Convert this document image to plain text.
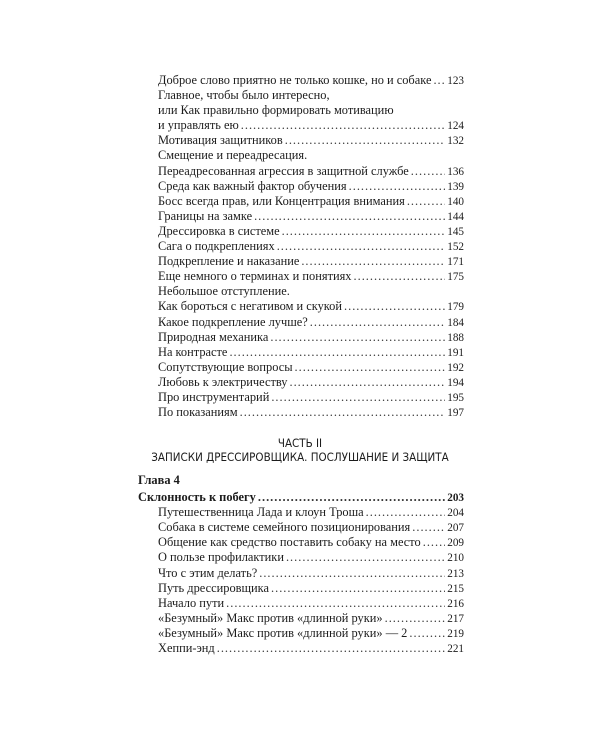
Доброе слово приятно не только кошке, но и собаке ..... 123
Главное, чтобы было интересно,
или Как правильно формировать мотивацию
и управлять ею .....	124
Мотивация защитников .....	132
Смещение и переадресация.
Переадресованная агрессия в защитной службе .....	136
Среда как важный фактор обучения .....	139
Босс всегда прав, или Концентрация внимания .....	140
Границы на замке .....	144
Дрессировка в системе .....	145
Сага о подкреплениях .....	152
Подкрепление и наказание .....	171
Еще немного о терминах и понятиях .....	175
Небольшое отступление.
Как бороться с негативом и скукой .....	179
Какое подкрепление лучше? .....	184
Природная механика .....	188
На контрасте .....	191
Сопутствующие вопросы .....	192
Любовь к электричеству .....	194
Про инструментарий .....	195
По показаниям .....	197
ЧАСТЬ II
ЗАПИСКИ ДРЕССИРОВЩИКА. ПОСЛУШАНИЕ И ЗАЩИТА
Глава 4
Склонность к побегу .....	203
Путешественница Лада и клоун Троша .....	204
Собака в системе семейного позиционирования .....	207
Общение как средство поставить собаку на место ..... 209
О пользе профилактики .....	210
Что с этим делать? .....	213
Путь дрессировщика .....	215
Начало пути .....	216
«Безумный» Макс против «длинной руки» .....	217
«Безумный» Макс против «длинной руки» — 2 .....	219
Хеппи-энд .....	221
